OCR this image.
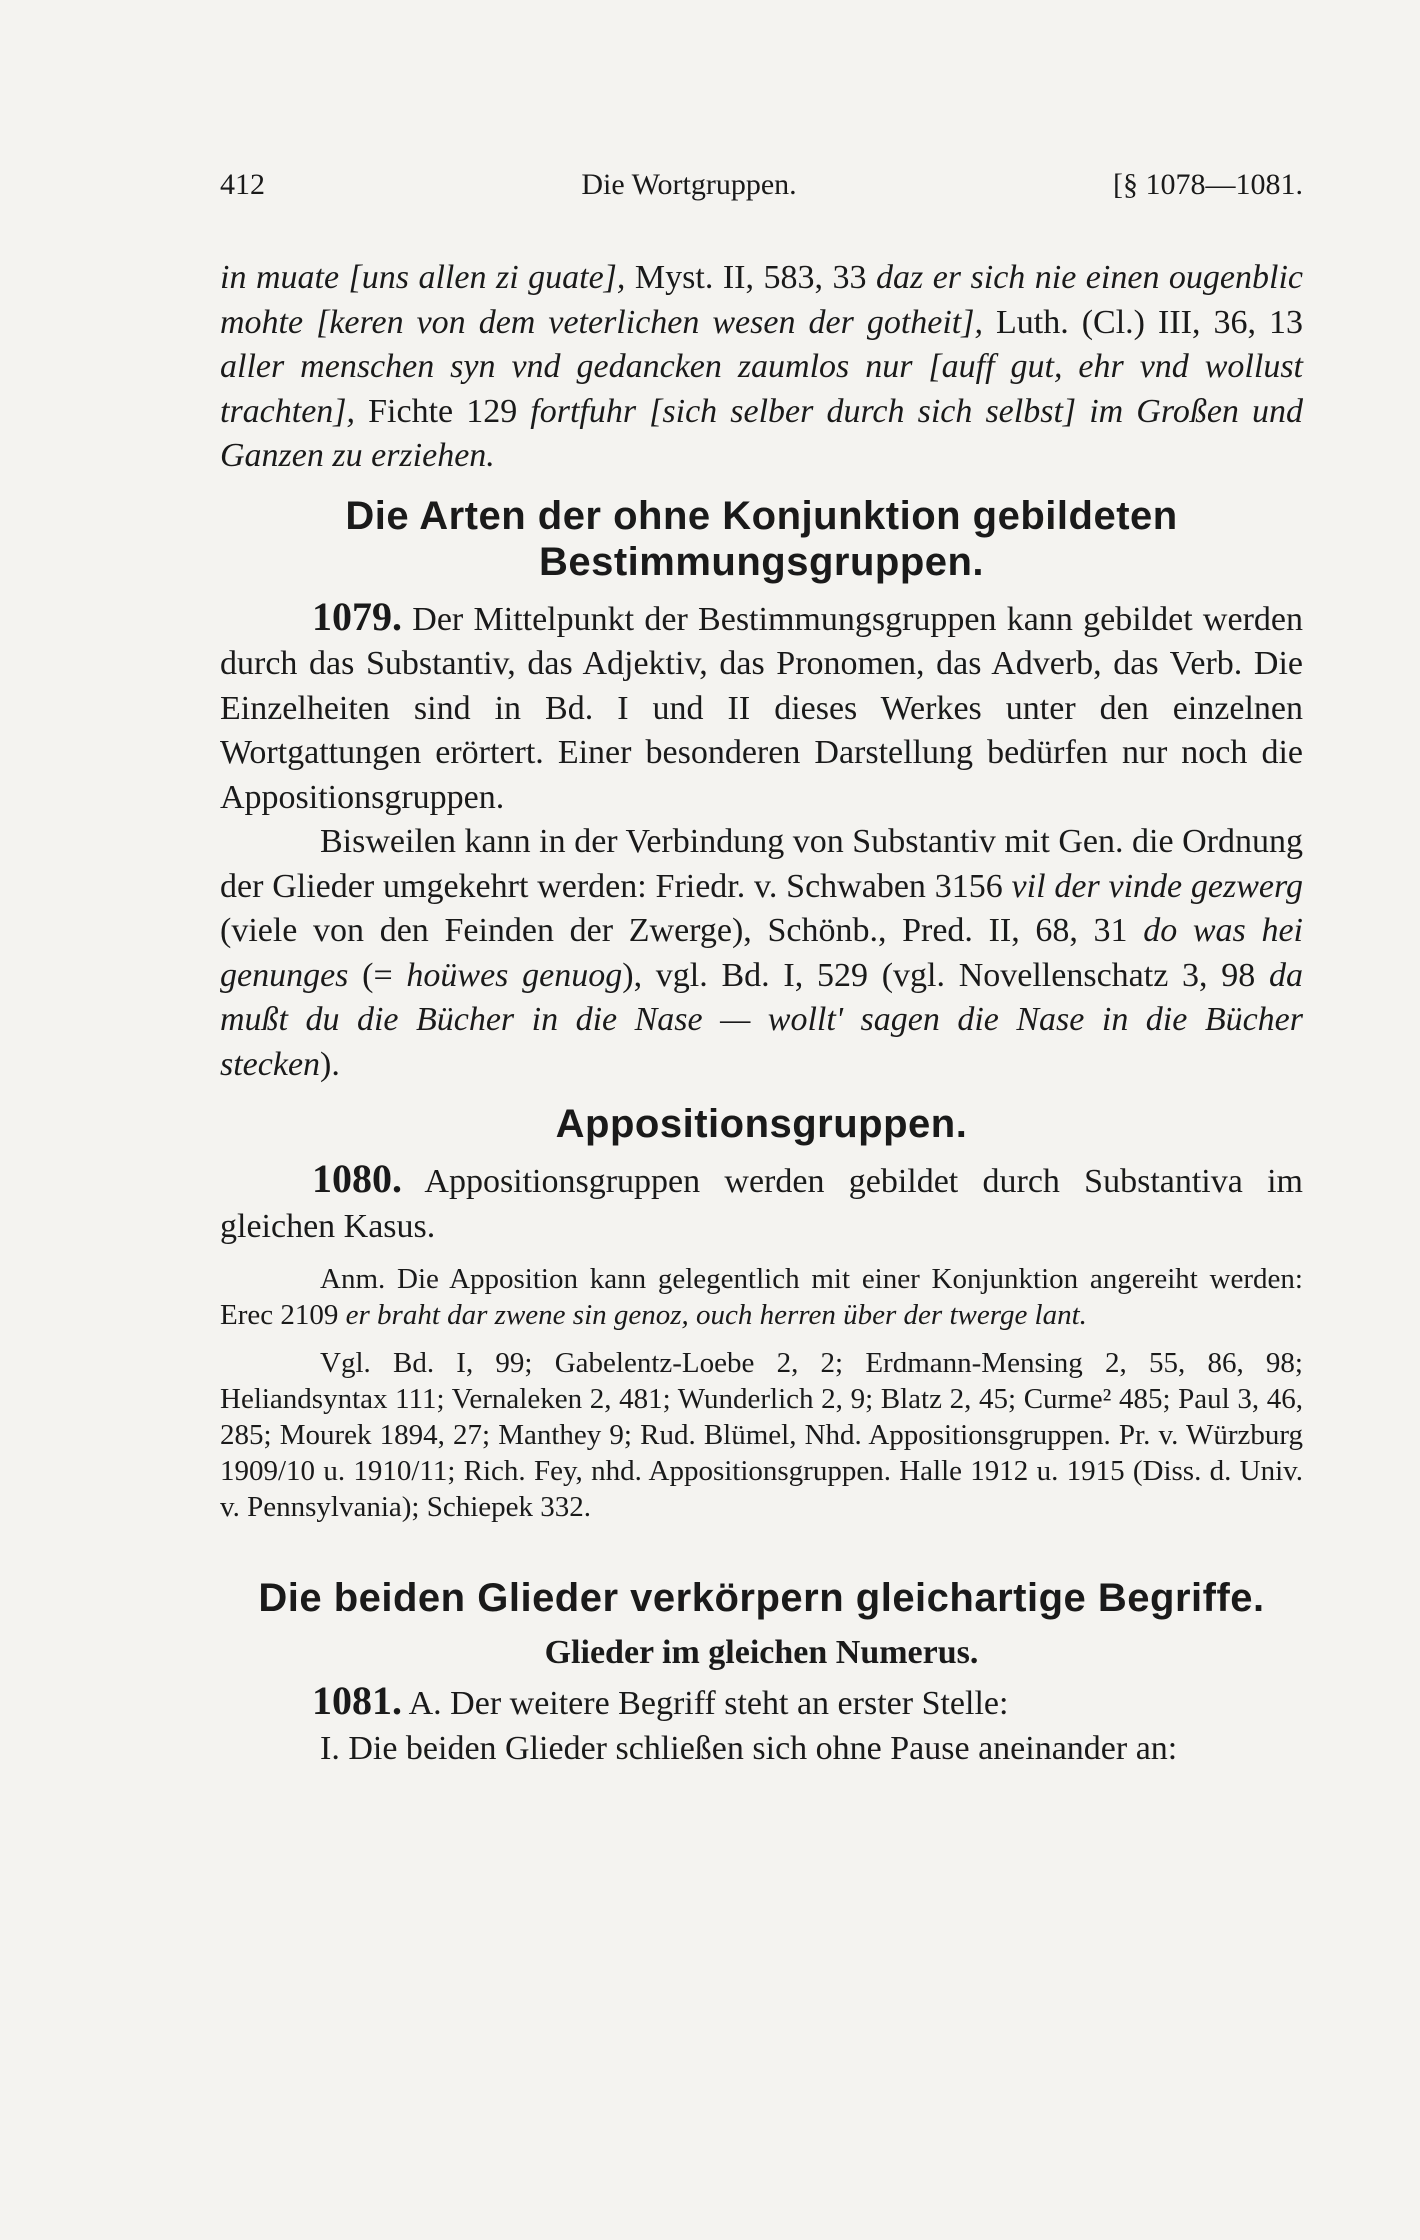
412	Die Wortgruppen.	[§ 1078—1081.

in muate [uns allen zi guate], Myst. II, 583, 33 daz er sich nie einen ougenblic mohte [keren von dem veterlichen wesen der gotheit], Luth. (Cl.) III, 36, 13 aller menschen syn vnd gedancken zaumlos nur [auff gut, ehr vnd wollust trachten], Fichte 129 fortfuhr [sich selber durch sich selbst] im Großen und Ganzen zu erziehen.

Die Arten der ohne Konjunktion gebildeten Bestimmungsgruppen.

1079. Der Mittelpunkt der Bestimmungsgruppen kann gebildet werden durch das Substantiv, das Adjektiv, das Pronomen, das Adverb, das Verb. Die Einzelheiten sind in Bd. I und II dieses Werkes unter den einzelnen Wortgattungen erörtert. Einer besonderen Darstellung bedürfen nur noch die Appositionsgruppen.

Bisweilen kann in der Verbindung von Substantiv mit Gen. die Ordnung der Glieder umgekehrt werden: Friedr. v. Schwaben 3156 vil der vinde gezwerg (viele von den Feinden der Zwerge), Schönb., Pred. II, 68, 31 do was hei genunges (= hoüwes genuog), vgl. Bd. I, 529 (vgl. Novellenschatz 3, 98 da mußt du die Bücher in die Nase — wollt' sagen die Nase in die Bücher stecken).

Appositionsgruppen.

1080. Appositionsgruppen werden gebildet durch Substantiva im gleichen Kasus.

Anm. Die Apposition kann gelegentlich mit einer Konjunktion angereiht werden: Erec 2109 er braht dar zwene sin genoz, ouch herren über der twerge lant.

Vgl. Bd. I, 99; Gabelentz-Loebe 2, 2; Erdmann-Mensing 2, 55, 86, 98; Heliandsyntax 111; Vernaleken 2, 481; Wunderlich 2, 9; Blatz 2, 45; Curme² 485; Paul 3, 46, 285; Mourek 1894, 27; Manthey 9; Rud. Blümel, Nhd. Appositionsgruppen. Pr. v. Würzburg 1909/10 u. 1910/11; Rich. Fey, nhd. Appositionsgruppen. Halle 1912 u. 1915 (Diss. d. Univ. v. Pennsylvania); Schiepek 332.

Die beiden Glieder verkörpern gleichartige Begriffe.
Glieder im gleichen Numerus.

1081. A. Der weitere Begriff steht an erster Stelle:

I. Die beiden Glieder schließen sich ohne Pause aneinander an:
